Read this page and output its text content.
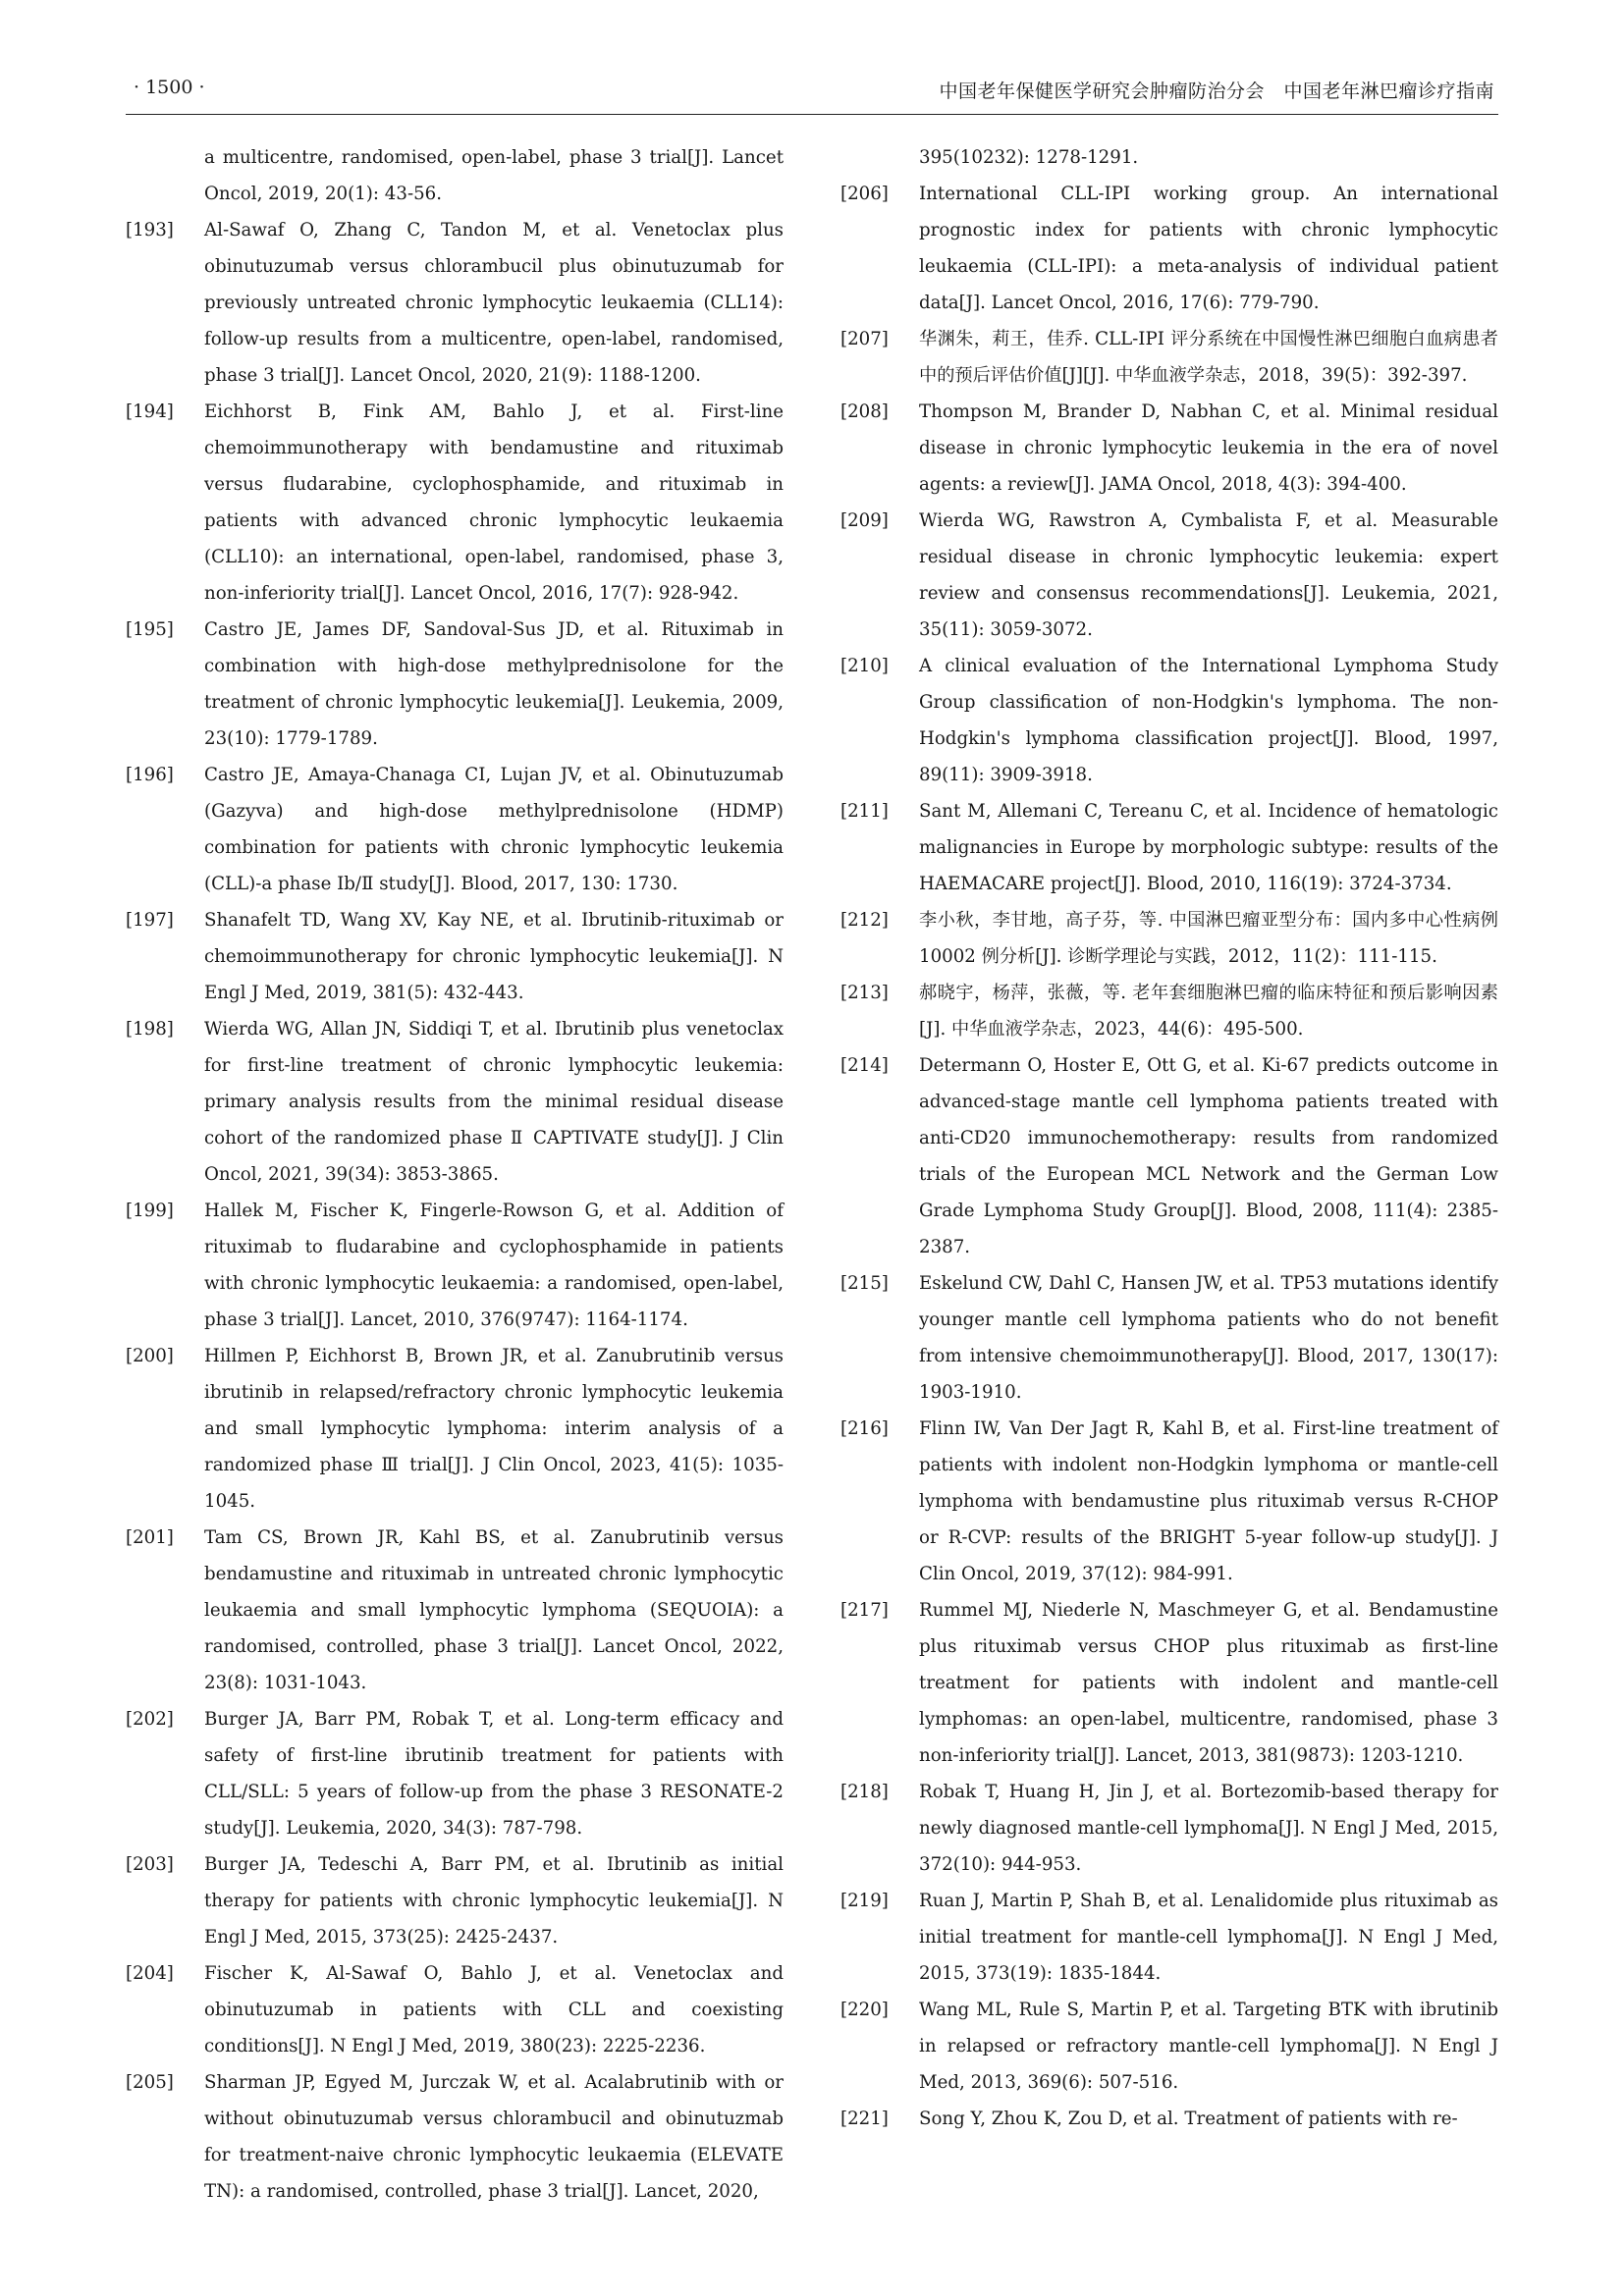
· 1500 ·	中国老年保健医学研究会肿瘤防治分会　中国老年淋巴瘤诊疗指南
a multicentre, randomised, open-label, phase 3 trial[J]. Lancet Oncol, 2019, 20(1): 43-56.
[193]	Al-Sawaf O, Zhang C, Tandon M, et al. Venetoclax plus obinutuzumab versus chlorambucil plus obinutuzumab for previously untreated chronic lymphocytic leukaemia (CLL14): follow-up results from a multicentre, open-label, randomised, phase 3 trial[J]. Lancet Oncol, 2020, 21(9): 1188-1200.
[194]	Eichhorst B, Fink AM, Bahlo J, et al. First-line chemoimmunotherapy with bendamustine and rituximab versus fludarabine, cyclophosphamide, and rituximab in patients with advanced chronic lymphocytic leukaemia (CLL10): an international, open-label, randomised, phase 3, non-inferiority trial[J]. Lancet Oncol, 2016, 17(7): 928-942.
[195]	Castro JE, James DF, Sandoval-Sus JD, et al. Rituximab in combination with high-dose methylprednisolone for the treatment of chronic lymphocytic leukemia[J]. Leukemia, 2009, 23(10): 1779-1789.
[196]	Castro JE, Amaya-Chanaga CI, Lujan JV, et al. Obinutuzumab (Gazyva) and high-dose methylprednisolone (HDMP) combination for patients with chronic lymphocytic leukemia (CLL)-a phase Ⅰb/Ⅱ study[J]. Blood, 2017, 130: 1730.
[197]	Shanafelt TD, Wang XV, Kay NE, et al. Ibrutinib-rituximab or chemoimmunotherapy for chronic lymphocytic leukemia[J]. N Engl J Med, 2019, 381(5): 432-443.
[198]	Wierda WG, Allan JN, Siddiqi T, et al. Ibrutinib plus venetoclax for first-line treatment of chronic lymphocytic leukemia: primary analysis results from the minimal residual disease cohort of the randomized phase Ⅱ CAPTIVATE study[J]. J Clin Oncol, 2021, 39(34): 3853-3865.
[199]	Hallek M, Fischer K, Fingerle-Rowson G, et al. Addition of rituximab to fludarabine and cyclophosphamide in patients with chronic lymphocytic leukaemia: a randomised, open-label, phase 3 trial[J]. Lancet, 2010, 376(9747): 1164-1174.
[200]	Hillmen P, Eichhorst B, Brown JR, et al. Zanubrutinib versus ibrutinib in relapsed/refractory chronic lymphocytic leukemia and small lymphocytic lymphoma: interim analysis of a randomized phase Ⅲ trial[J]. J Clin Oncol, 2023, 41(5): 1035-1045.
[201]	Tam CS, Brown JR, Kahl BS, et al. Zanubrutinib versus bendamustine and rituximab in untreated chronic lymphocytic leukaemia and small lymphocytic lymphoma (SEQUOIA): a randomised, controlled, phase 3 trial[J]. Lancet Oncol, 2022, 23(8): 1031-1043.
[202]	Burger JA, Barr PM, Robak T, et al. Long-term efficacy and safety of first-line ibrutinib treatment for patients with CLL/SLL: 5 years of follow-up from the phase 3 RESONATE-2 study[J]. Leukemia, 2020, 34(3): 787-798.
[203]	Burger JA, Tedeschi A, Barr PM, et al. Ibrutinib as initial therapy for patients with chronic lymphocytic leukemia[J]. N Engl J Med, 2015, 373(25): 2425-2437.
[204]	Fischer K, Al-Sawaf O, Bahlo J, et al. Venetoclax and obinutuzumab in patients with CLL and coexisting conditions[J]. N Engl J Med, 2019, 380(23): 2225-2236.
[205]	Sharman JP, Egyed M, Jurczak W, et al. Acalabrutinib with or without obinutuzumab versus chlorambucil and obinutuzmab for treatment-naive chronic lymphocytic leukaemia (ELEVATE TN): a randomised, controlled, phase 3 trial[J]. Lancet, 2020,
395(10232): 1278-1291.
[206]	International CLL-IPI working group. An international prognostic index for patients with chronic lymphocytic leukaemia (CLL-IPI): a meta-analysis of individual patient data[J]. Lancet Oncol, 2016, 17(6): 779-790.
[207]	华渊朱，莉王，佳乔. CLL-IPI 评分系统在中国慢性淋巴细胞白血病患者中的预后评估价值[J][J]. 中华血液学杂志，2018，39(5)：392-397.
[208]	Thompson M, Brander D, Nabhan C, et al. Minimal residual disease in chronic lymphocytic leukemia in the era of novel agents: a review[J]. JAMA Oncol, 2018, 4(3): 394-400.
[209]	Wierda WG, Rawstron A, Cymbalista F, et al. Measurable residual disease in chronic lymphocytic leukemia: expert review and consensus recommendations[J]. Leukemia, 2021, 35(11): 3059-3072.
[210]	A clinical evaluation of the International Lymphoma Study Group classification of non-Hodgkin's lymphoma. The non-Hodgkin's lymphoma classification project[J]. Blood, 1997, 89(11): 3909-3918.
[211]	Sant M, Allemani C, Tereanu C, et al. Incidence of hematologic malignancies in Europe by morphologic subtype: results of the HAEMACARE project[J]. Blood, 2010, 116(19): 3724-3734.
[212]	李小秋，李甘地，高子芬，等. 中国淋巴瘤亚型分布：国内多中心性病例 10002 例分析[J]. 诊断学理论与实践，2012，11(2)：111-115.
[213]	郝晓宇，杨萍，张薇，等. 老年套细胞淋巴瘤的临床特征和预后影响因素[J]. 中华血液学杂志，2023，44(6)：495-500.
[214]	Determann O, Hoster E, Ott G, et al. Ki-67 predicts outcome in advanced-stage mantle cell lymphoma patients treated with anti-CD20 immunochemotherapy: results from randomized trials of the European MCL Network and the German Low Grade Lymphoma Study Group[J]. Blood, 2008, 111(4): 2385-2387.
[215]	Eskelund CW, Dahl C, Hansen JW, et al. TP53 mutations identify younger mantle cell lymphoma patients who do not benefit from intensive chemoimmunotherapy[J]. Blood, 2017, 130(17): 1903-1910.
[216]	Flinn IW, Van Der Jagt R, Kahl B, et al. First-line treatment of patients with indolent non-Hodgkin lymphoma or mantle-cell lymphoma with bendamustine plus rituximab versus R-CHOP or R-CVP: results of the BRIGHT 5-year follow-up study[J]. J Clin Oncol, 2019, 37(12): 984-991.
[217]	Rummel MJ, Niederle N, Maschmeyer G, et al. Bendamustine plus rituximab versus CHOP plus rituximab as first-line treatment for patients with indolent and mantle-cell lymphomas: an open-label, multicentre, randomised, phase 3 non-inferiority trial[J]. Lancet, 2013, 381(9873): 1203-1210.
[218]	Robak T, Huang H, Jin J, et al. Bortezomib-based therapy for newly diagnosed mantle-cell lymphoma[J]. N Engl J Med, 2015, 372(10): 944-953.
[219]	Ruan J, Martin P, Shah B, et al. Lenalidomide plus rituximab as initial treatment for mantle-cell lymphoma[J]. N Engl J Med, 2015, 373(19): 1835-1844.
[220]	Wang ML, Rule S, Martin P, et al. Targeting BTK with ibrutinib in relapsed or refractory mantle-cell lymphoma[J]. N Engl J Med, 2013, 369(6): 507-516.
[221]	Song Y, Zhou K, Zou D, et al. Treatment of patients with re-
